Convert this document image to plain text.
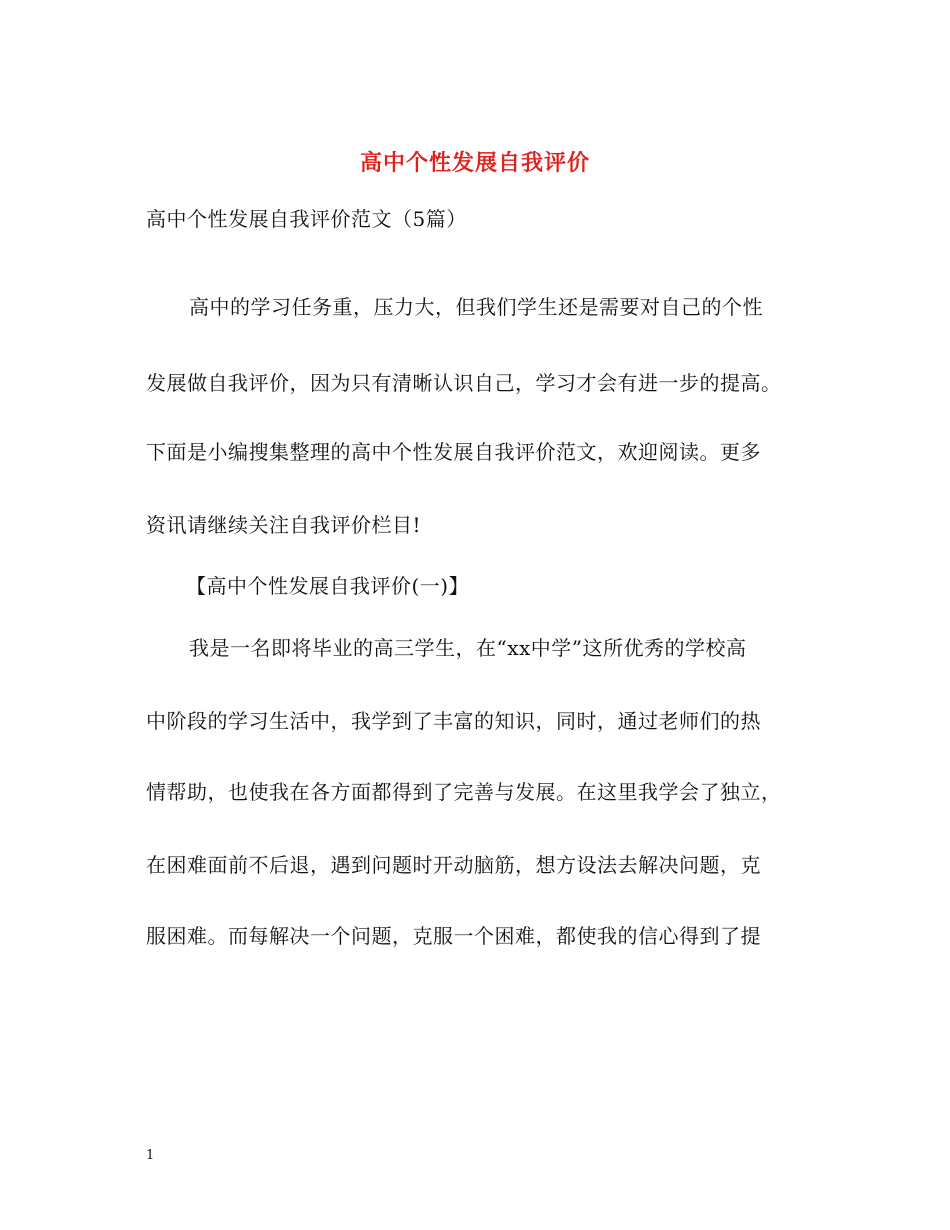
高中个性发展自我评价
高中个性发展自我评价范文（5篇）
高中的学习任务重，压力大，但我们学生还是需要对自己的个性
发展做自我评价，因为只有清晰认识自己，学习才会有进一步的提高。
下面是小编搜集整理的高中个性发展自我评价范文，欢迎阅读。更多
资讯请继续关注自我评价栏目!
【高中个性发展自我评价(一)】
我是一名即将毕业的高三学生，在“xx中学”这所优秀的学校高
中阶段的学习生活中，我学到了丰富的知识，同时，通过老师们的热
情帮助，也使我在各方面都得到了完善与发展。在这里我学会了独立，
在困难面前不后退，遇到问题时开动脑筋，想方设法去解决问题，克
服困难。而每解决一个问题，克服一个困难，都使我的信心得到了提
1
